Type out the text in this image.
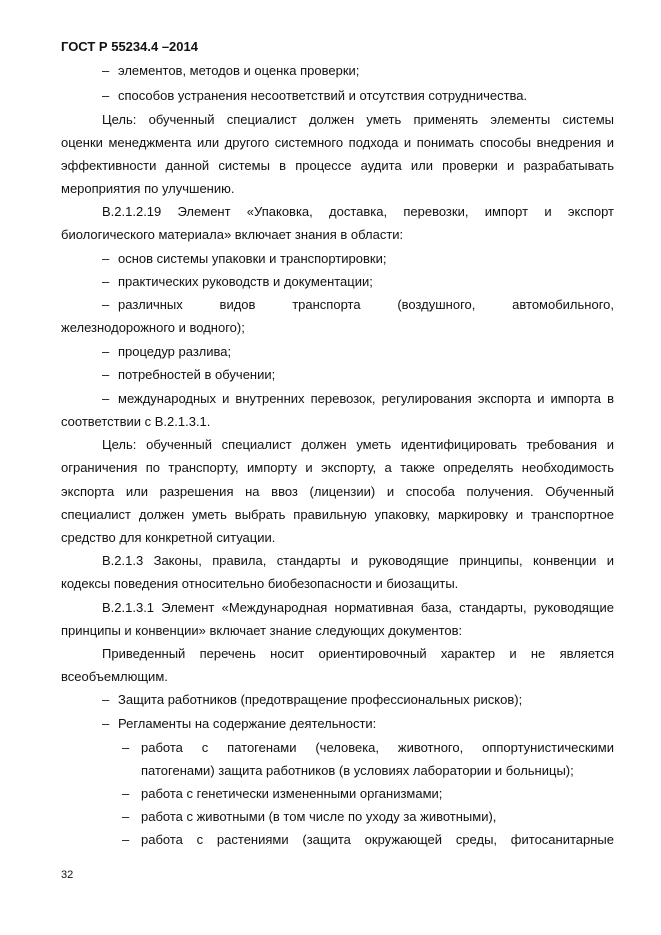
ГОСТ Р 55234.4 –2014
– элементов, методов и оценка проверки;
– способов устранения несоответствий и отсутствия сотрудничества.
Цель: обученный специалист должен уметь применять элементы системы
оценки менеджмента или другого системного подхода и понимать способы внедрения и
эффективности данной системы в процессе аудита или проверки и разрабатывать
мероприятия по улучшению.
В.2.1.2.19 Элемент «Упаковка, доставка, перевозки, импорт и экспорт
биологического материала» включает знания в области:
– основ системы упаковки и транспортировки;
– практических руководств и документации;
– различных видов транспорта (воздушного, автомобильного,
железнодорожного и водного);
– процедур разлива;
– потребностей в обучении;
– международных и внутренних перевозок, регулирования экспорта и импорта в
соответствии с В.2.1.3.1.
Цель: обученный специалист должен уметь идентифицировать требования и
ограничения по транспорту, импорту и экспорту, а также определять необходимость
экспорта или разрешения на ввоз (лицензии) и способа получения. Обученный
специалист должен уметь выбрать правильную упаковку, маркировку и транспортное
средство для конкретной ситуации.
В.2.1.3 Законы, правила, стандарты и руководящие принципы, конвенции и
кодексы поведения относительно биобезопасности и биозащиты.
В.2.1.3.1 Элемент «Международная нормативная база, стандарты, руководящие
принципы и конвенции» включает знание следующих документов:
Приведенный перечень носит ориентировочный характер и не является
всеобъемлющим.
– Защита работников (предотвращение профессиональных рисков);
– Регламенты на содержание деятельности:
– работа с патогенами (человека, животного, оппортунистическими
патогенами) защита работников (в условиях лаборатории и больницы);
– работа с генетически измененными организмами;
– работа с животными (в том числе по уходу за животными),
– работа с растениями (защита окружающей среды, фитосанитарные
32
